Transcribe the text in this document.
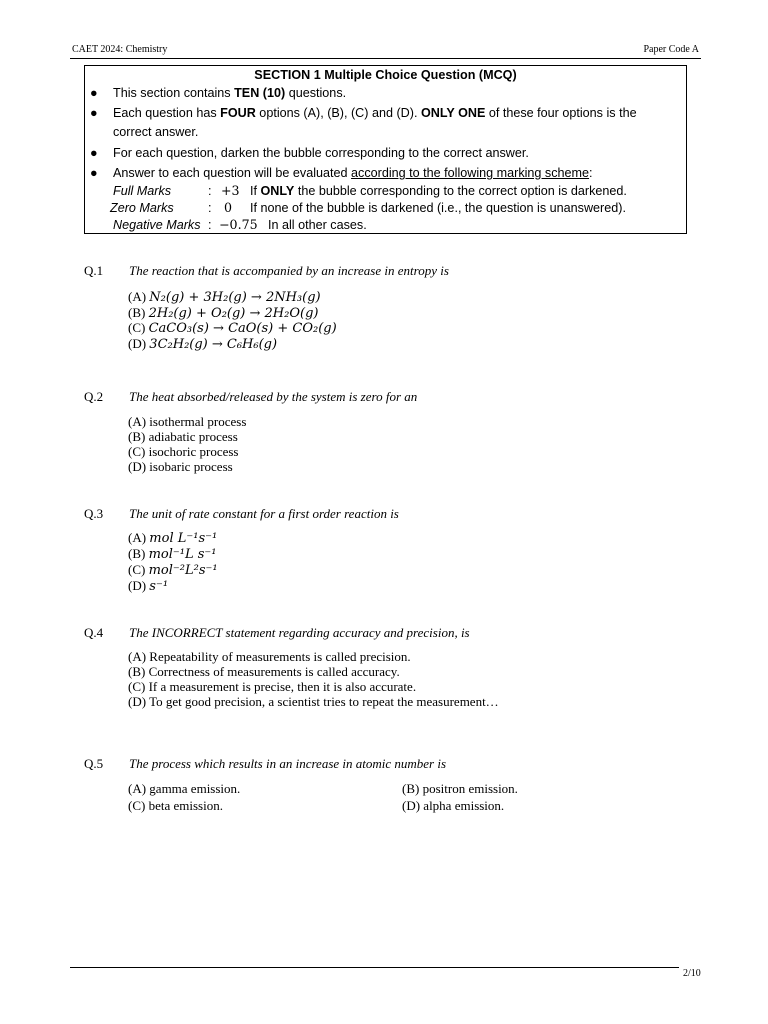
CAET 2024: Chemistry	Paper Code A
SECTION 1 Multiple Choice Question (MCQ)
● This section contains TEN (10) questions.
● Each question has FOUR options (A), (B), (C) and (D). ONLY ONE of these four options is the
correct answer.
● For each question, darken the bubble corresponding to the correct answer.
● Answer to each question will be evaluated according to the following marking scheme:
Full Marks	: +3 If ONLY the bubble corresponding to the correct option is darkened.
Zero Marks	: 0 If none of the bubble is darkened (i.e., the question is unanswered).
Negative Marks : −0.75 In all other cases.
Q.1 The reaction that is accompanied by an increase in entropy is
(A) N₂(g) + 3H₂(g) → 2NH₃(g)
(B) 2H₂(g) + O₂(g) → 2H₂O(g)
(C) CaCO₃(s) → CaO(s) + CO₂(g)
(D) 3C₂H₂(g) → C₆H₆(g)
Q.2 The heat absorbed/released by the system is zero for an
(A) isothermal process
(B) adiabatic process
(C) isochoric process
(D) isobaric process
Q.3 The unit of rate constant for a first order reaction is
(A) mol L⁻¹s⁻¹
(B) mol⁻¹L s⁻¹
(C) mol⁻²L²s⁻¹
(D) s⁻¹
Q.4 The INCORRECT statement regarding accuracy and precision, is
(A) Repeatability of measurements is called precision.
(B) Correctness of measurements is called accuracy.
(C) If a measurement is precise, then it is also accurate.
(D) To get good precision, a scientist tries to repeat the measurement…
Q.5 The process which results in an increase in atomic number is
(A) gamma emission.	(B) positron emission.
(C) beta emission.	(D) alpha emission.
2/10
